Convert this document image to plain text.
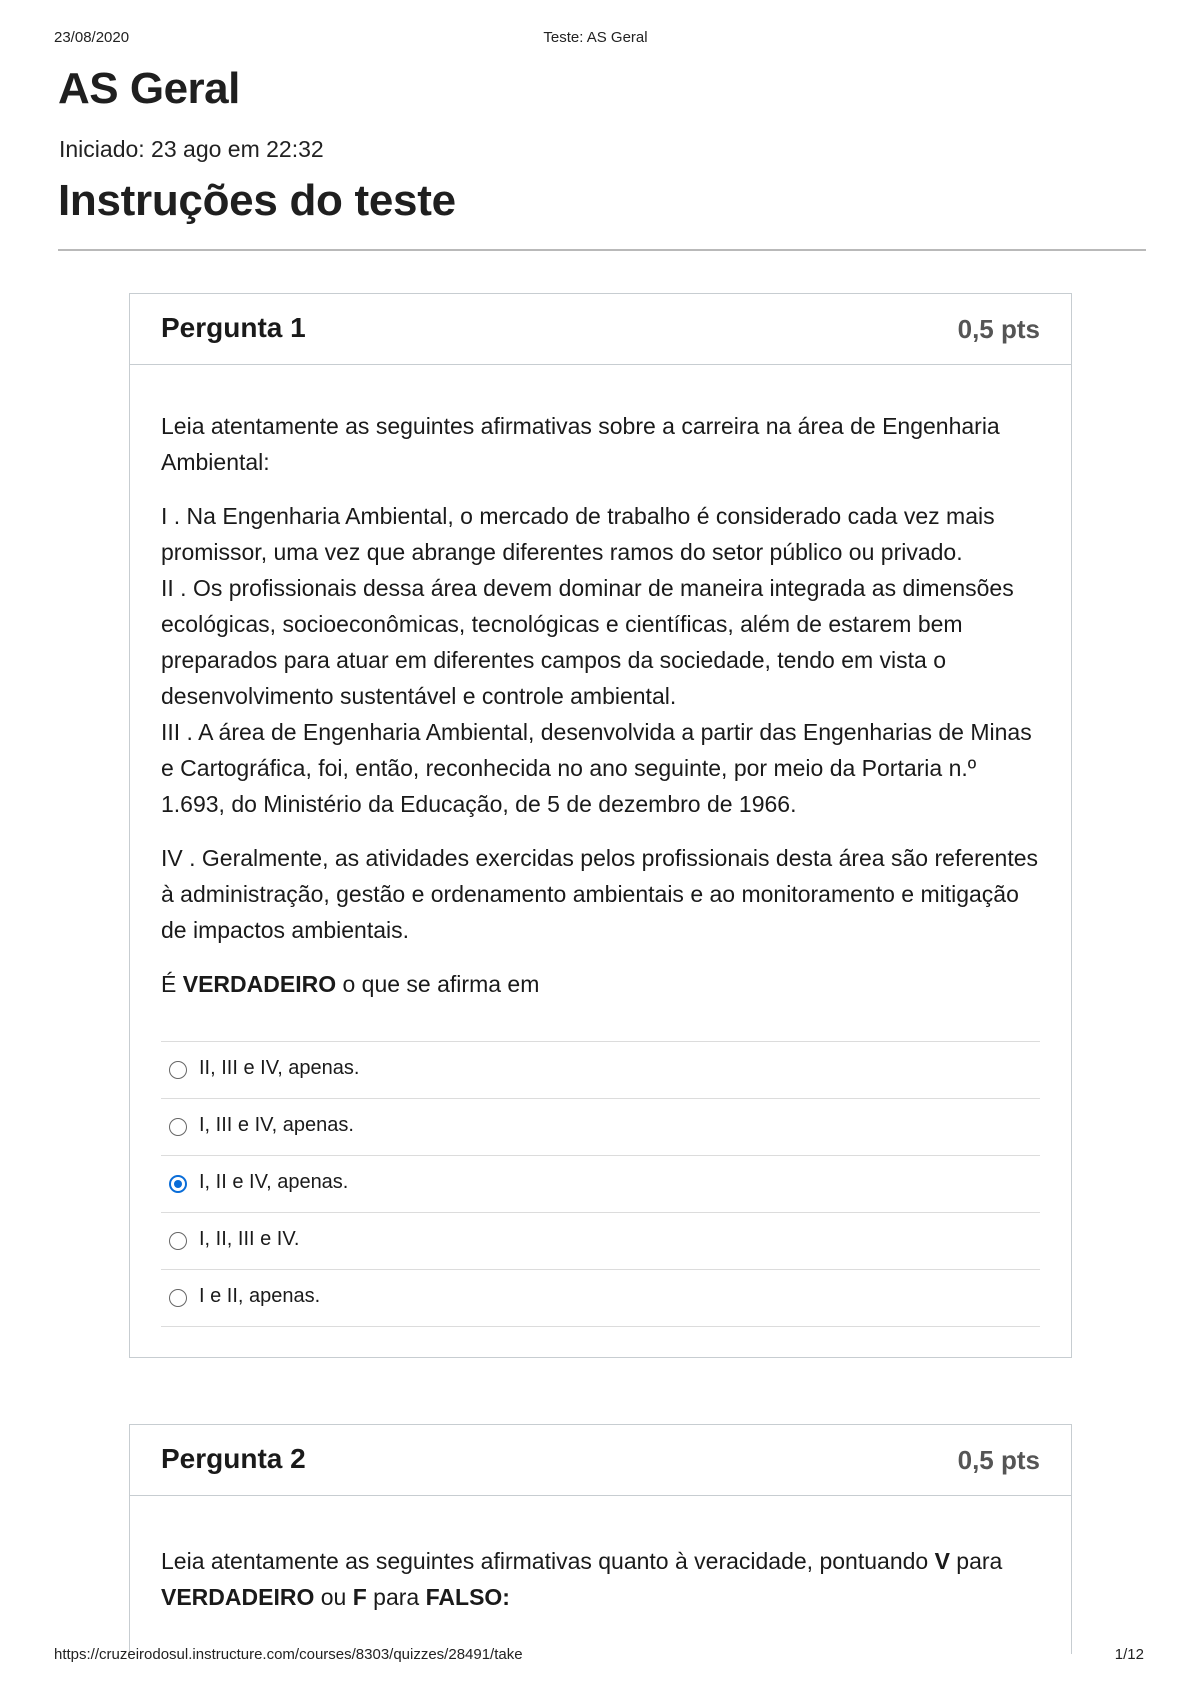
23/08/2020	Teste: AS Geral
AS Geral
Iniciado: 23 ago em 22:32
Instruções do teste
Pergunta 1	0,5 pts

Leia atentamente as seguintes afirmativas sobre a carreira na área de Engenharia Ambiental:

I . Na Engenharia Ambiental, o mercado de trabalho é considerado cada vez mais promissor, uma vez que abrange diferentes ramos do setor público ou privado.

II . Os profissionais dessa área devem dominar de maneira integrada as dimensões ecológicas, socioeconômicas, tecnológicas e científicas, além de estarem bem preparados para atuar em diferentes campos da sociedade, tendo em vista o desenvolvimento sustentável e controle ambiental.

III . A área de Engenharia Ambiental, desenvolvida a partir das Engenharias de Minas e Cartográfica, foi, então, reconhecida no ano seguinte, por meio da Portaria n.º 1.693, do Ministério da Educação, de 5 de dezembro de 1966.

IV . Geralmente, as atividades exercidas pelos profissionais desta área são referentes à administração, gestão e ordenamento ambientais e ao monitoramento e mitigação de impactos ambientais.

É VERDADEIRO o que se afirma em

II, III e IV, apenas.
I, III e IV, apenas.
I, II e IV, apenas.
I, II, III e IV.
I e II, apenas.
Pergunta 2	0,5 pts

Leia atentamente as seguintes afirmativas quanto à veracidade, pontuando V para VERDADEIRO ou F para FALSO:

https://cruzeirodosul.instructure.com/courses/8303/quizzes/28491/take	1/12
